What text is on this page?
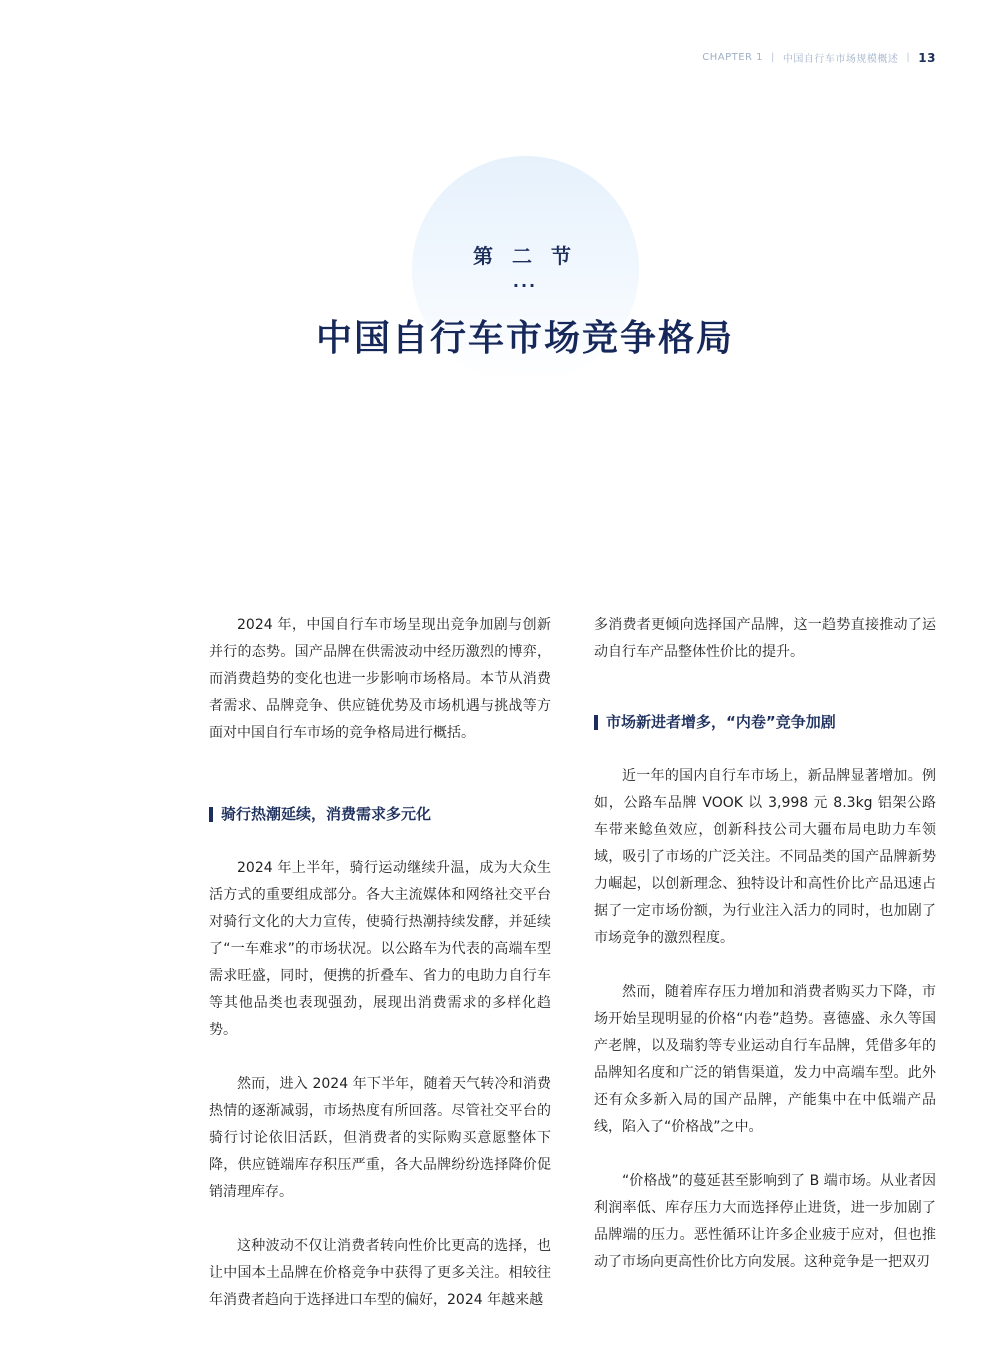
CHAPTER 1 | 中国自行车市场规模概述 | 13
第 二 节
···
中国自行车市场竞争格局

2024 年，中国自行车市场呈现出竞争加剧与创新并行的态势。国产品牌在供需波动中经历激烈的博弈，而消费趋势的变化也进一步影响市场格局。本节从消费者需求、品牌竞争、供应链优势及市场机遇与挑战等方面对中国自行车市场的竞争格局进行概括。

骑行热潮延续，消费需求多元化

2024 年上半年，骑行运动继续升温，成为大众生活方式的重要组成部分。各大主流媒体和网络社交平台对骑行文化的大力宣传，使骑行热潮持续发酵，并延续了“一车难求”的市场状况。以公路车为代表的高端车型需求旺盛，同时，便携的折叠车、省力的电助力自行车等其他品类也表现强劲，展现出消费需求的多样化趋势。

然而，进入 2024 年下半年，随着天气转冷和消费热情的逐渐减弱，市场热度有所回落。尽管社交平台的骑行讨论依旧活跃，但消费者的实际购买意愿整体下降，供应链端库存积压严重，各大品牌纷纷选择降价促销清理库存。

这种波动不仅让消费者转向性价比更高的选择，也让中国本土品牌在价格竞争中获得了更多关注。相较往年消费者趋向于选择进口车型的偏好，2024 年越来越

多消费者更倾向选择国产品牌，这一趋势直接推动了运动自行车产品整体性价比的提升。

市场新进者增多，“内卷”竞争加剧

近一年的国内自行车市场上，新品牌显著增加。例如，公路车品牌 VOOK 以 3,998 元 8.3kg 铝架公路车带来鲶鱼效应，创新科技公司大疆布局电助力车领域，吸引了市场的广泛关注。不同品类的国产品牌新势力崛起，以创新理念、独特设计和高性价比产品迅速占据了一定市场份额，为行业注入活力的同时，也加剧了市场竞争的激烈程度。

然而，随着库存压力增加和消费者购买力下降，市场开始呈现明显的价格“内卷”趋势。喜德盛、永久等国产老牌，以及瑞豹等专业运动自行车品牌，凭借多年的品牌知名度和广泛的销售渠道，发力中高端车型。此外还有众多新入局的国产品牌，产能集中在中低端产品线，陷入了“价格战”之中。

“价格战”的蔓延甚至影响到了 B 端市场。从业者因利润率低、库存压力大而选择停止进货，进一步加剧了品牌端的压力。恶性循环让许多企业疲于应对，但也推动了市场向更高性价比方向发展。这种竞争是一把双刃
